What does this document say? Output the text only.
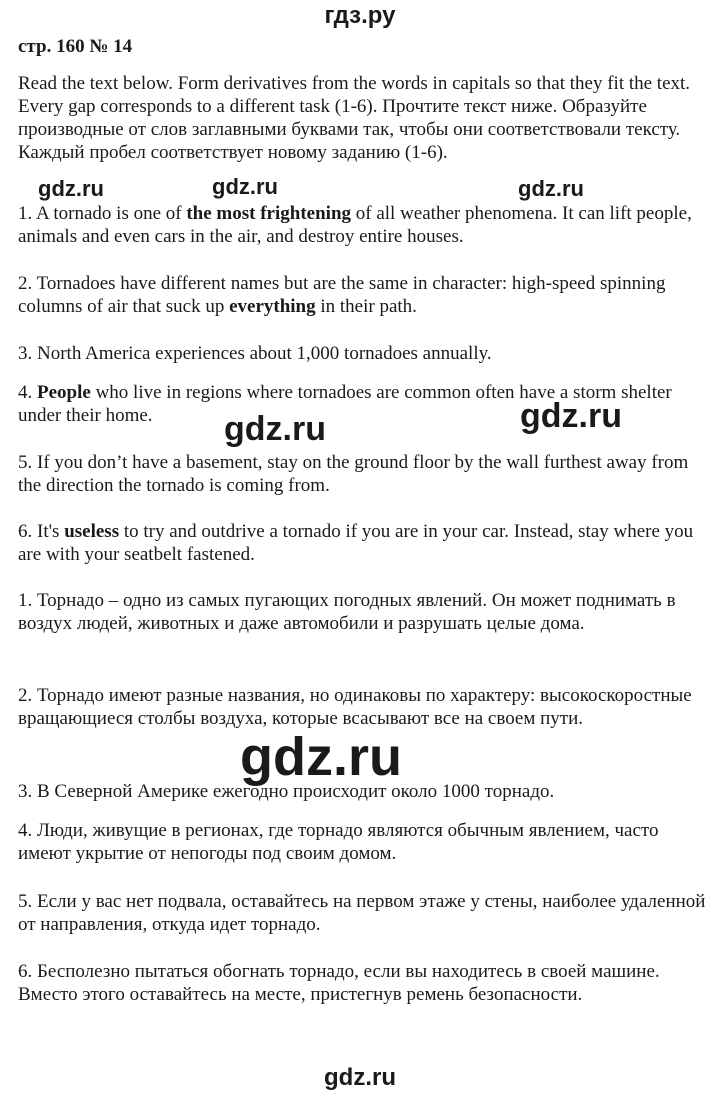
гдз.ру
стр. 160 № 14

Read the text below. Form derivatives from the words in capitals so that they fit the text. Every gap corresponds to a different task (1-6). Прочтите текст ниже. Образуйте производные от слов заглавными буквами так, чтобы они соответствовали тексту. Каждый пробел соответствует новому заданию (1-6).

1. A tornado is one of the most frightening of all weather phenomena. It can lift people, animals and even cars in the air, and destroy entire houses.

2. Tornadoes have different names but are the same in character: high-speed spinning columns of air that suck up everything in their path.

3. North America experiences about 1,000 tornadoes annually.

4. People who live in regions where tornadoes are common often have a storm shelter under their home.

5. If you don’t have a basement, stay on the ground floor by the wall furthest away from the direction the tornado is coming from.

6. It's useless to try and outdrive a tornado if you are in your car. Instead, stay where you are with your seatbelt fastened.

1. Торнадо – одно из самых пугающих погодных явлений. Он может поднимать в воздух людей, животных и даже автомобили и разрушать целые дома.

2. Торнадо имеют разные названия, но одинаковы по характеру: высокоскоростные вращающиеся столбы воздуха, которые всасывают все на своем пути.

3. В Северной Америке ежегодно происходит около 1000 торнадо.

4. Люди, живущие в регионах, где торнадо являются обычным явлением, часто имеют укрытие от непогоды под своим домом.

5. Если у вас нет подвала, оставайтесь на первом этаже у стены, наиболее удаленной от направления, откуда идет торнадо.

6. Бесполезно пытаться обогнать торнадо, если вы находитесь в своей машине. Вместо этого оставайтесь на месте, пристегнув ремень безопасности.

gdz.ru	gdz.ru	gdz.ru
gdz.ru	gdz.ru
gdz.ru
gdz.ru
